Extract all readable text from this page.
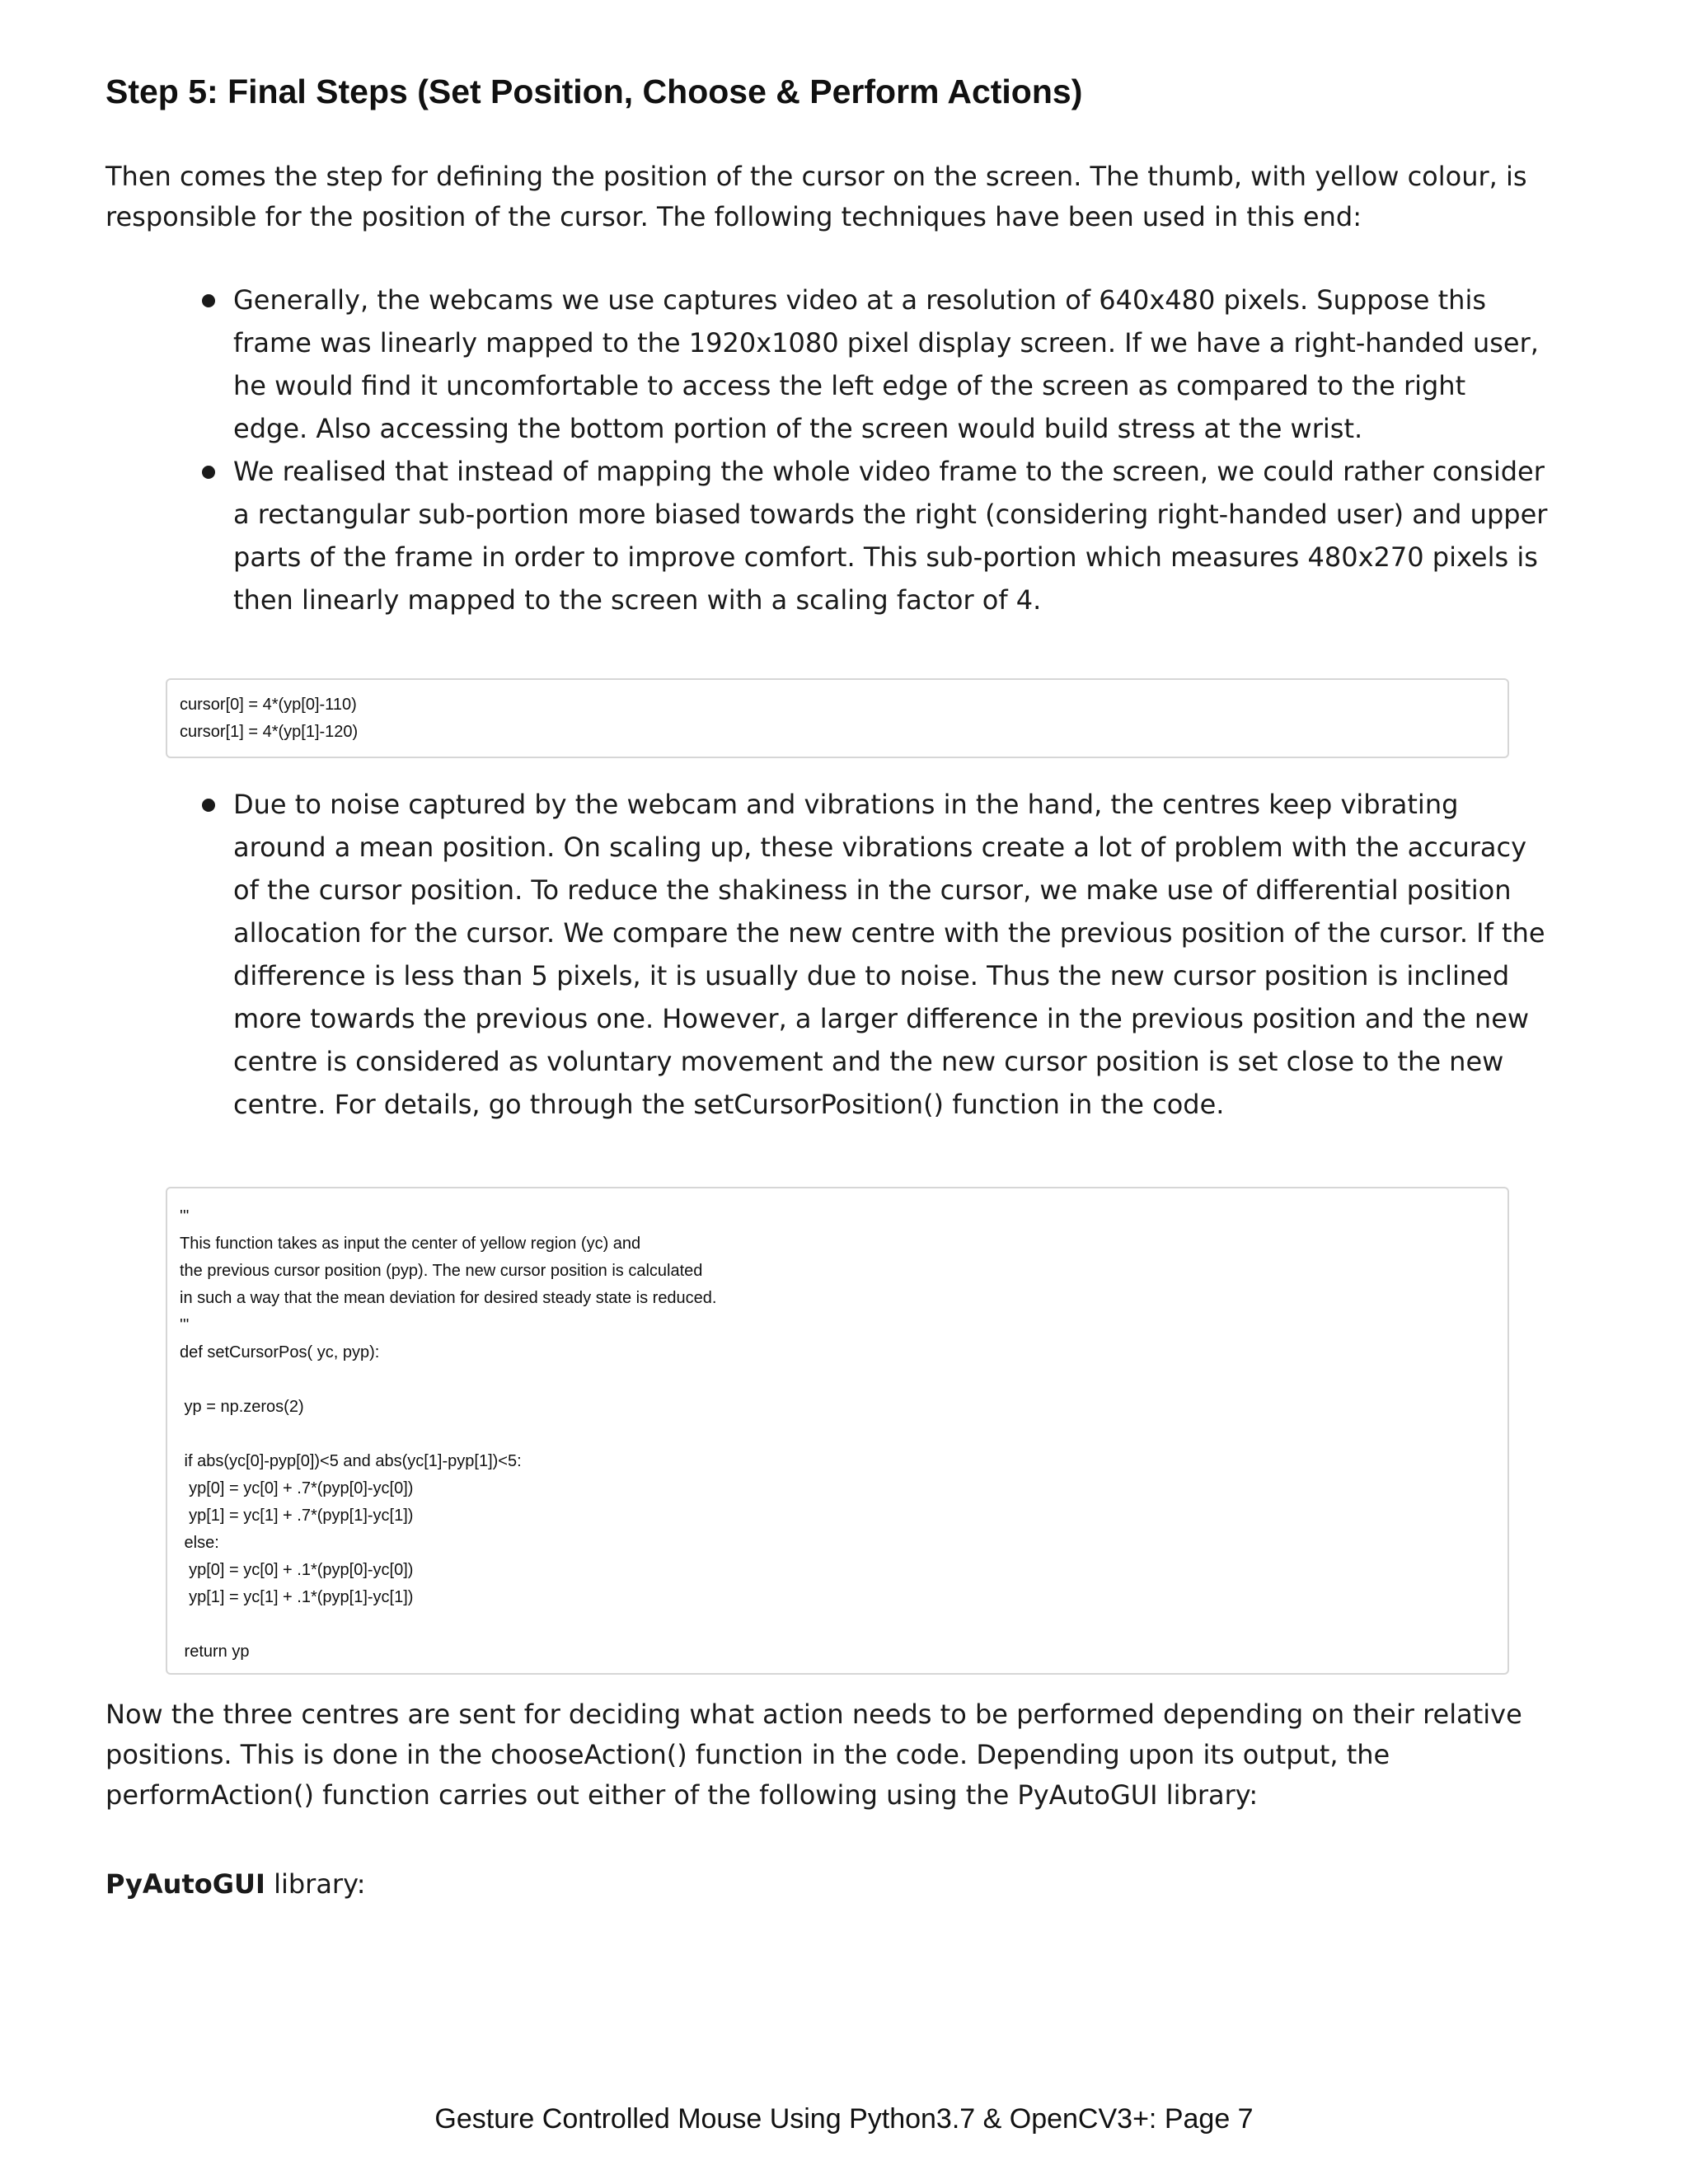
Step 5: Final Steps (Set Position, Choose & Perform Actions)

Then comes the step for defining the position of the cursor on the screen. The thumb, with yellow colour, is responsible for the position of the cursor. The following techniques have been used in this end:

Generally, the webcams we use captures video at a resolution of 640x480 pixels. Suppose this frame was linearly mapped to the 1920x1080 pixel display screen. If we have a right-handed user, he would find it uncomfortable to access the left edge of the screen as compared to the right edge. Also accessing the bottom portion of the screen would build stress at the wrist.
We realised that instead of mapping the whole video frame to the screen, we could rather consider a rectangular sub-portion more biased towards the right (considering right-handed user) and upper parts of the frame in order to improve comfort. This sub-portion which measures 480x270 pixels is then linearly mapped to the screen with a scaling factor of 4.
cursor[0] = 4*(yp[0]-110)
cursor[1] = 4*(yp[1]-120)
Due to noise captured by the webcam and vibrations in the hand, the centres keep vibrating around a mean position. On scaling up, these vibrations create a lot of problem with the accuracy of the cursor position. To reduce the shakiness in the cursor, we make use of differential position allocation for the cursor. We compare the new centre with the previous position of the cursor. If the difference is less than 5 pixels, it is usually due to noise. Thus the new cursor position is inclined more towards the previous one. However, a larger difference in the previous position and the new centre is considered as voluntary movement and the new cursor position is set close to the new centre. For details, go through the setCursorPosition() function in the code.
'''
This function takes as input the center of yellow region (yc) and
the previous cursor position (pyp). The new cursor position is calculated
in such a way that the mean deviation for desired steady state is reduced.
'''
def setCursorPos( yc, pyp):
yp = np.zeros(2)
if abs(yc[0]-pyp[0])<5 and abs(yc[1]-pyp[1])<5:
yp[0] = yc[0] + .7*(pyp[0]-yc[0])
yp[1] = yc[1] + .7*(pyp[1]-yc[1])
else:
yp[0] = yc[0] + .1*(pyp[0]-yc[0])
yp[1] = yc[1] + .1*(pyp[1]-yc[1])
return yp

Now the three centres are sent for deciding what action needs to be performed depending on their relative positions. This is done in the chooseAction() function in the code. Depending upon its output, the performAction() function carries out either of the following using the PyAutoGUI library:

PyAutoGUI library:

Gesture Controlled Mouse Using Python3.7 & OpenCV3+: Page 7
